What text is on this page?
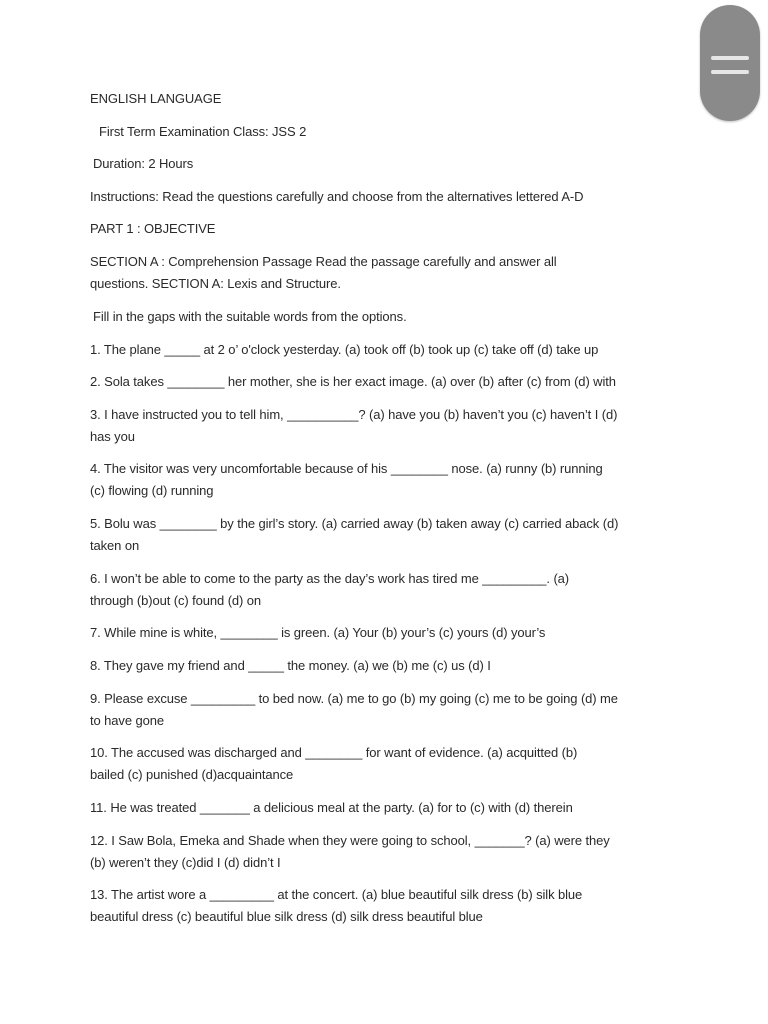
ENGLISH LANGUAGE
First Term Examination Class: JSS 2
Duration: 2 Hours
Instructions: Read the questions carefully and choose from the alternatives lettered A-D
PART 1 : OBJECTIVE
SECTION A : Comprehension Passage Read the passage carefully and answer all
questions. SECTION A: Lexis and Structure.
Fill in the gaps with the suitable words from the options.
1. The plane _____ at 2 o’ o'clock yesterday. (a) took off (b) took up (c) take off (d) take up
2. Sola takes ________ her mother, she is her exact image. (a) over (b) after (c) from (d) with
3. I have instructed you to tell him, __________? (a) have you (b) haven’t you (c) haven’t I (d)
has you
4. The visitor was very uncomfortable because of his ________ nose. (a) runny (b) running
(c) flowing (d) running
5. Bolu was ________ by the girl’s story. (a) carried away (b) taken away (c) carried aback (d)
taken on
6. I won’t be able to come to the party as the day’s work has tired me _________. (a)
through (b)out (c) found (d) on
7. While mine is white, ________ is green. (a) Your (b) your’s (c) yours (d) your’s
8. They gave my friend and _____ the money. (a) we (b) me (c) us (d) I
9. Please excuse _________ to bed now. (a) me to go (b) my going (c) me to be going (d) me
to have gone
10. The accused was discharged and ________ for want of evidence. (a) acquitted (b)
bailed (c) punished (d)acquaintance
11. He was treated _______ a delicious meal at the party. (a) for to (c) with (d) therein
12. I Saw Bola, Emeka and Shade when they were going to school, _______? (a) were they
(b) weren’t they (c)did I (d) didn’t I
13. The artist wore a _________ at the concert. (a) blue beautiful silk dress (b) silk blue
beautiful dress (c) beautiful blue silk dress (d) silk dress beautiful blue
